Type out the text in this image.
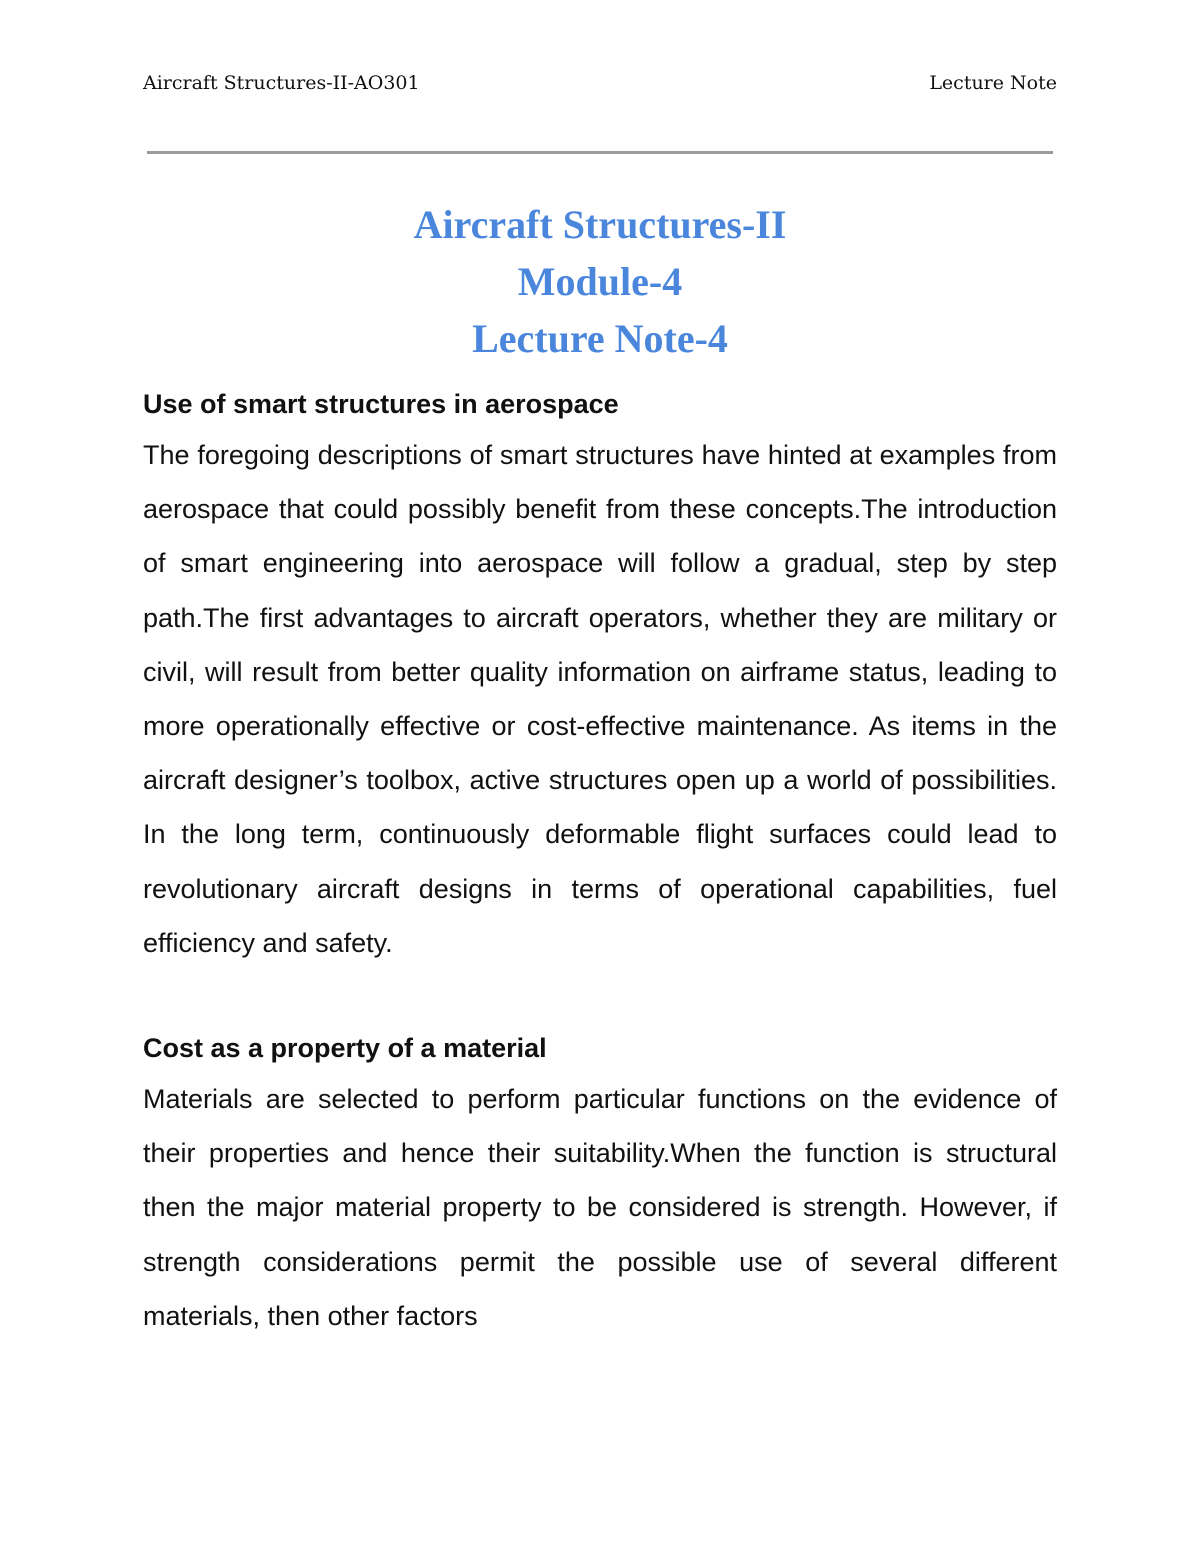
Aircraft Structures-II-AO301	Lecture Note
Aircraft Structures-II
Module-4
Lecture Note-4

Use of smart structures in aerospace

The foregoing descriptions of smart structures have hinted at examples from aerospace that could possibly benefit from these concepts.The introduction of smart engineering into aerospace will follow a gradual, step by step path.The first advantages to aircraft operators, whether they are military or civil, will result from better quality information on airframe status, leading to more operationally effective or cost-effective maintenance. As items in the aircraft designer’s toolbox, active structures open up a world of possibilities. In the long term, continuously deformable flight surfaces could lead to revolutionary aircraft designs in terms of operational capabilities, fuel efficiency and safety.

Cost as a property of a material

Materials are selected to perform particular functions on the evidence of their properties and hence their suitability.When the function is structural then the major material property to be considered is strength. However, if strength considerations permit the possible use of several different materials, then other factors
